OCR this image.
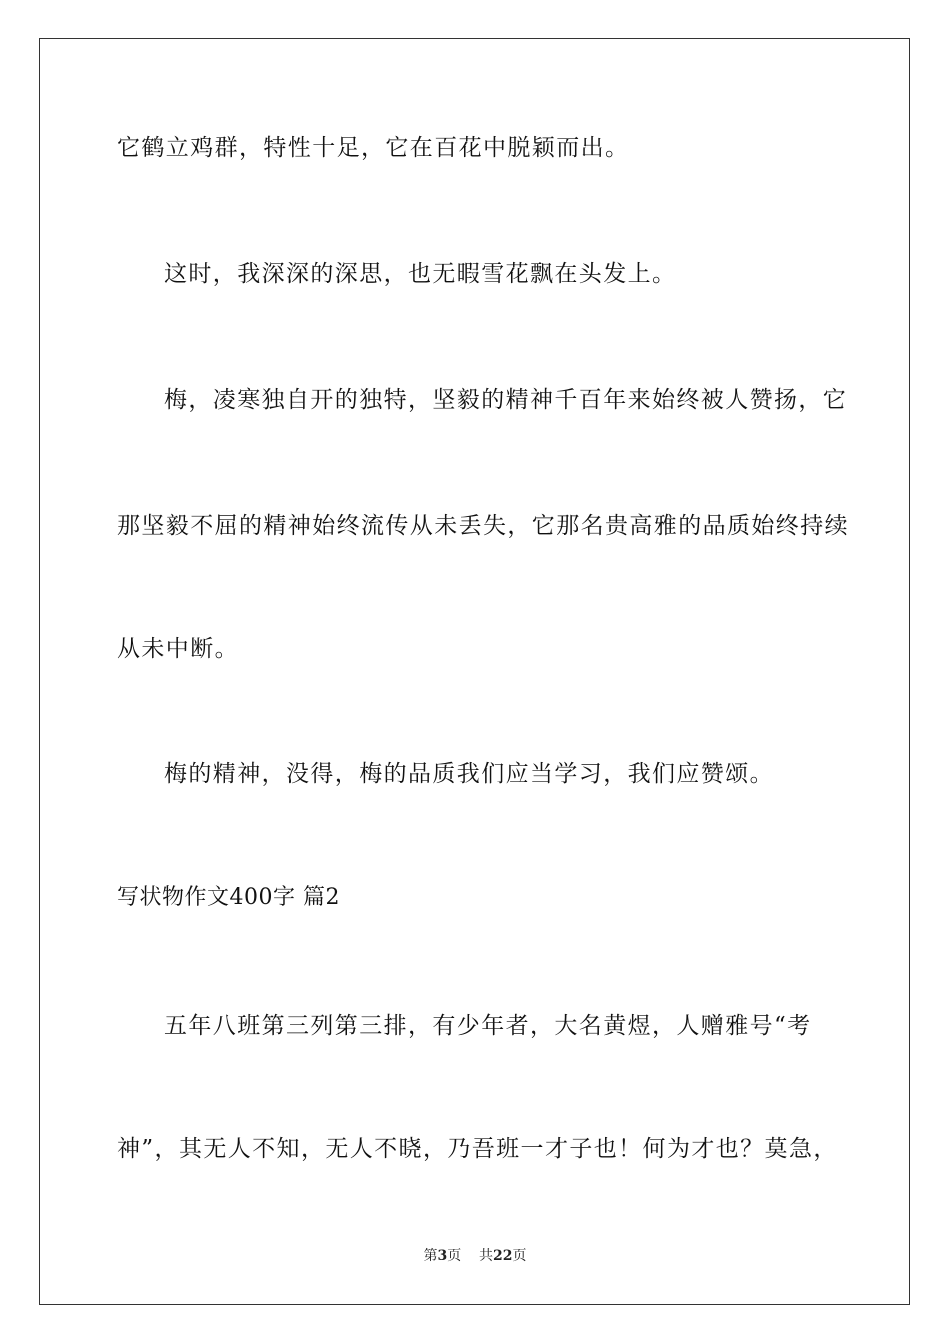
它鹤立鸡群，特性十足，它在百花中脱颖而出。
这时，我深深的深思，也无暇雪花飘在头发上。
梅，凌寒独自开的独特，坚毅的精神千百年来始终被人赞扬，它
那坚毅不屈的精神始终流传从未丢失，它那名贵高雅的品质始终持续
从未中断。
梅的精神，没得，梅的品质我们应当学习，我们应赞颂。
写状物作文400字 篇2
五年八班第三列第三排，有少年者，大名黄煜，人赠雅号“考
神”，其无人不知，无人不晓，乃吾班一才子也！何为才也？莫急，
第3页    共22页
